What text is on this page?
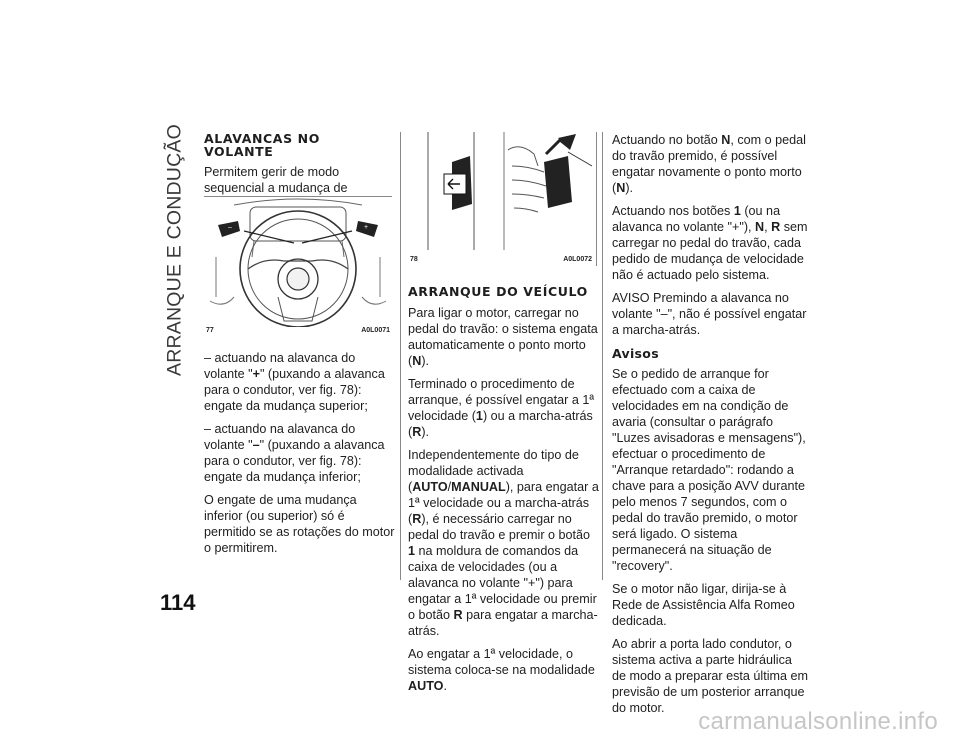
ARRANQUE E CONDUÇÃO
114
ALAVANCAS NO VOLANTE

Permitem gerir de modo sequencial a mudança de

–	+
77	A0L0071

– actuando na alavanca do volante "+" (puxando a alavanca para o condutor, ver fig. 78): engate da mudança superior;

– actuando na alavanca do volante "–" (puxando a alavanca para o condutor, ver fig. 78): engate da mudança inferior;

O engate de uma mudança inferior (ou superior) só é permitido se as rotações do motor o permitirem.

78	A0L0072
ARRANQUE DO VEÍCULO

Para ligar o motor, carregar no pedal do travão: o sistema engata automaticamente o ponto morto (N).

Terminado o procedimento de arranque, é possível engatar a 1ª velocidade (1) ou a marcha-atrás (R).

Independentemente do tipo de modalidade activada (AUTO/MANUAL), para engatar a 1ª velocidade ou a marcha-atrás (R), é necessário carregar no pedal do travão e premir o botão 1 na moldura de comandos da caixa de velocidades (ou a alavanca no volante "+") para engatar a 1ª velocidade ou premir o botão R para engatar a marcha-atrás.

Ao engatar a 1ª velocidade, o sistema coloca-se na modalidade AUTO.

Actuando no botão N, com o pedal do travão premido, é possível engatar novamente o ponto morto (N).

Actuando nos botões 1 (ou na alavanca no volante "+"), N, R sem carregar no pedal do travão, cada pedido de mudança de velocidade não é actuado pelo sistema.

AVISO Premindo a alavanca no volante "–", não é possível engatar a marcha-atrás.

Avisos

Se o pedido de arranque for efectuado com a caixa de velocidades em na condição de avaria (consultar o parágrafo "Luzes avisadoras e mensagens"), efectuar o procedimento de "Arranque retardado": rodando a chave para a posição AVV durante pelo menos 7 segundos, com o pedal do travão premido, o motor será ligado. O sistema permanecerá na situação de "recovery".

Se o motor não ligar, dirija-se à Rede de Assistência Alfa Romeo dedicada.

Ao abrir a porta lado condutor, o sistema activa a parte hidráulica de modo a preparar esta última em previsão de um posterior arranque do motor.	carmanualsonline.info
